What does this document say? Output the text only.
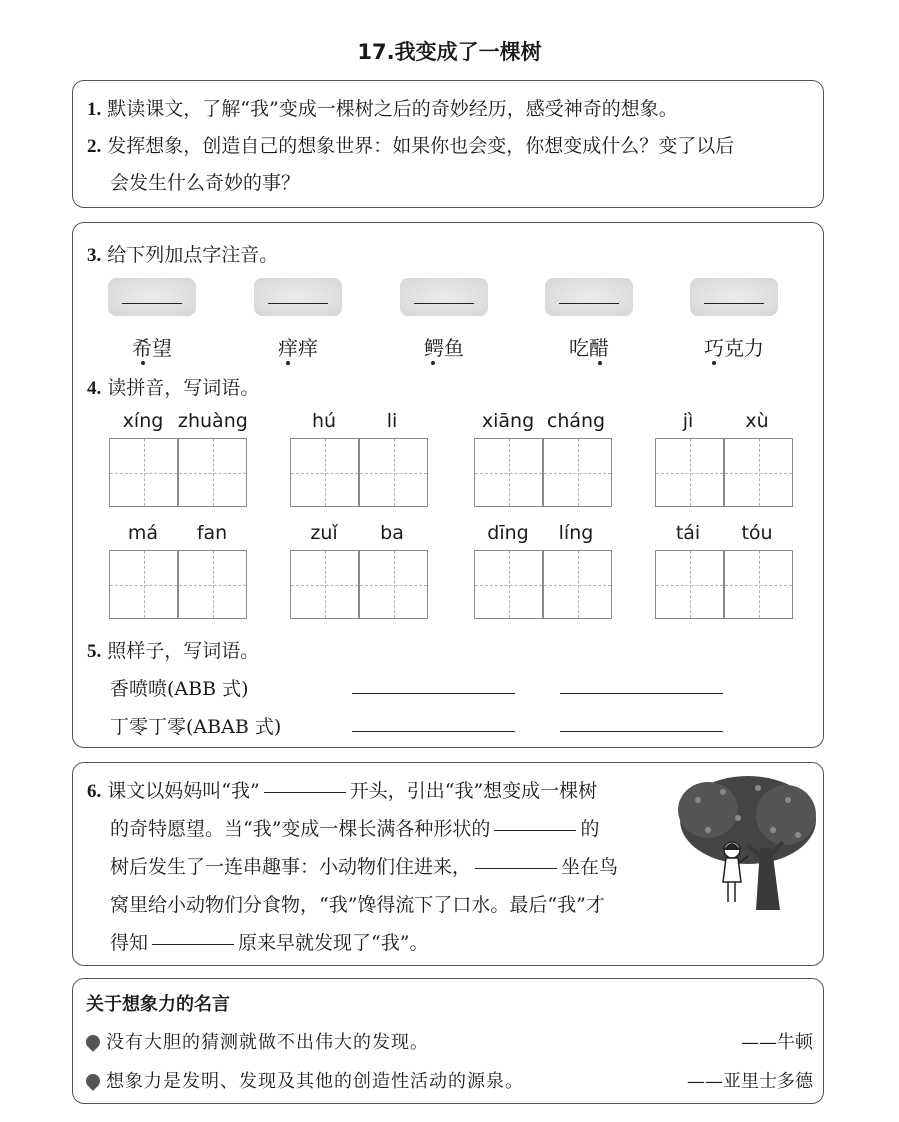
17.我变成了一棵树
1. 默读课文，了解“我”变成一棵树之后的奇妙经历，感受神奇的想象。
2. 发挥想象，创造自己的想象世界：如果你也会变，你想变成什么？变了以后
会发生什么奇妙的事？
3. 给下列加点字注音。
希望	痒痒	鳄鱼	吃醋	巧克力
4. 读拼音，写词语。
xíng zhuàng	hú	li	xiāng cháng	jì	xù
má	fan	zuǐ	ba	dīng	líng	tái	tóu
5. 照样子，写词语。
香喷喷(ABB 式)
丁零丁零(ABAB 式)
6. 课文以妈妈叫“我”	开头，引出“我”想变成一棵树
的奇特愿望。当“我”变成一棵长满各种形状的	的
树后发生了一连串趣事：小动物们住进来，	坐在鸟
窝里给小动物们分食物，“我”馋得流下了口水。最后“我”才
得知	原来早就发现了“我”。
关于想象力的名言
没有大胆的猜测就做不出伟大的发现。	——牛顿
想象力是发明、发现及其他的创造性活动的源泉。	——亚里士多德
